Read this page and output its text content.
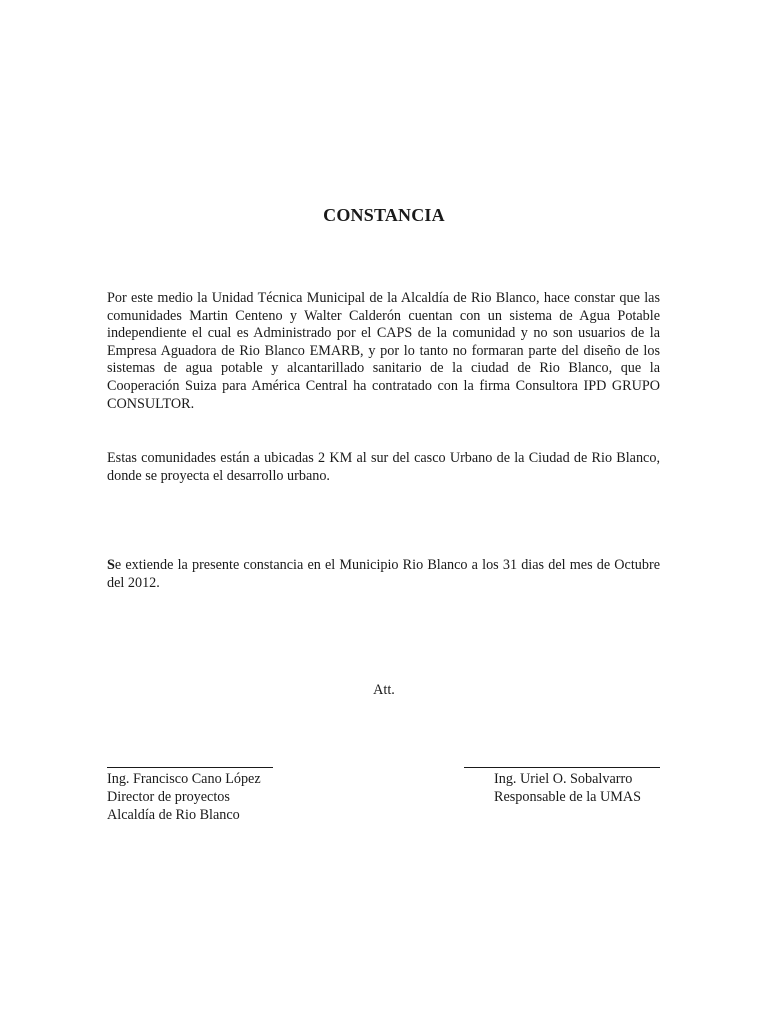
CONSTANCIA
Por este medio la Unidad Técnica Municipal de la Alcaldía de Rio Blanco, hace constar que las comunidades Martin Centeno y Walter Calderón cuentan con un sistema de Agua Potable independiente el cual es Administrado por el CAPS de la comunidad y no son usuarios de la Empresa Aguadora de Rio Blanco EMARB, y por lo tanto no formaran parte del diseño de los sistemas de agua potable y alcantarillado sanitario de la ciudad de Rio Blanco, que la Cooperación Suiza para América Central ha contratado con la firma Consultora IPD GRUPO CONSULTOR.
Estas comunidades están a ubicadas 2 KM al sur del casco Urbano de la Ciudad de Rio Blanco, donde se proyecta el desarrollo urbano.
Se extiende la presente constancia en el Municipio Rio Blanco a los 31 dias del mes de Octubre del 2012.
Att.
Ing. Francisco Cano López
Director de proyectos
Alcaldía de Rio Blanco
Ing. Uriel O. Sobalvarro
Responsable de la UMAS
